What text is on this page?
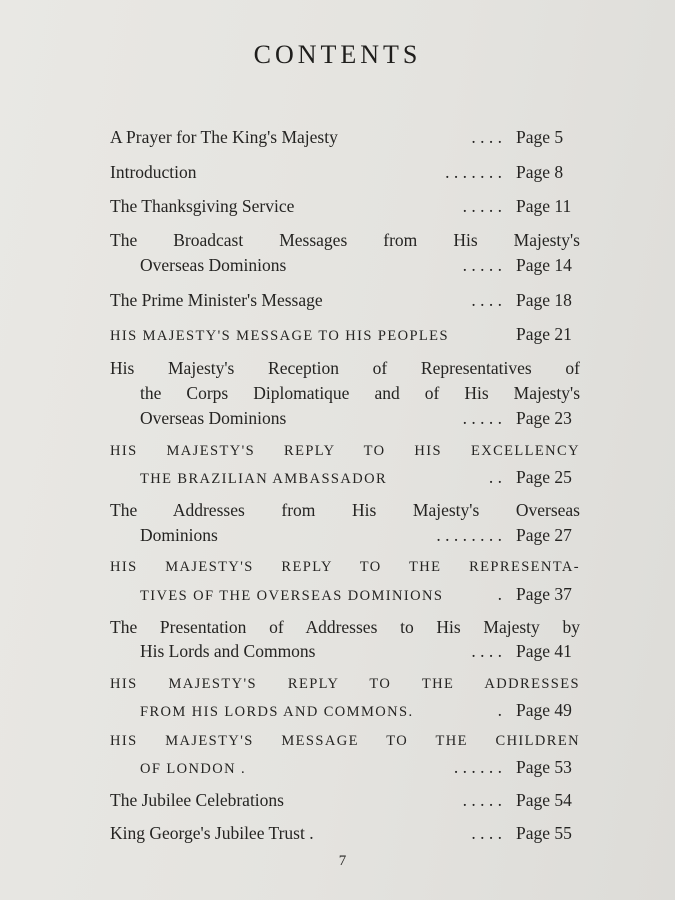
CONTENTS
A Prayer for The King's Majesty	. . . . Page 5
Introduction	. . . . . . . Page 8
The Thanksgiving Service	. . . . . Page 11
The Broadcast Messages from His Majesty's
Overseas Dominions	. . . . . Page 14
The Prime Minister's Message	. . . . Page 18
HIS MAJESTY'S MESSAGE TO HIS PEOPLES	Page 21
His Majesty's Reception of Representatives of
the Corps Diplomatique and of His Majesty's
Overseas Dominions	. . . . . Page 23
HIS MAJESTY'S REPLY TO HIS EXCELLENCY
THE BRAZILIAN AMBASSADOR	. . Page 25
The Addresses from His Majesty's Overseas
Dominions	. . . . . . . . Page 27
HIS MAJESTY'S REPLY TO THE REPRESENTA-
TIVES OF THE OVERSEAS DOMINIONS	. Page 37
The Presentation of Addresses to His Majesty by
His Lords and Commons	. . . . Page 41
HIS MAJESTY'S REPLY TO THE ADDRESSES
FROM HIS LORDS AND COMMONS.	. Page 49
HIS MAJESTY'S MESSAGE TO THE CHILDREN
OF LONDON .	. . . . . . Page 53
The Jubilee Celebrations	. . . . . Page 54
King George's Jubilee Trust .	. . . . Page 55
7
